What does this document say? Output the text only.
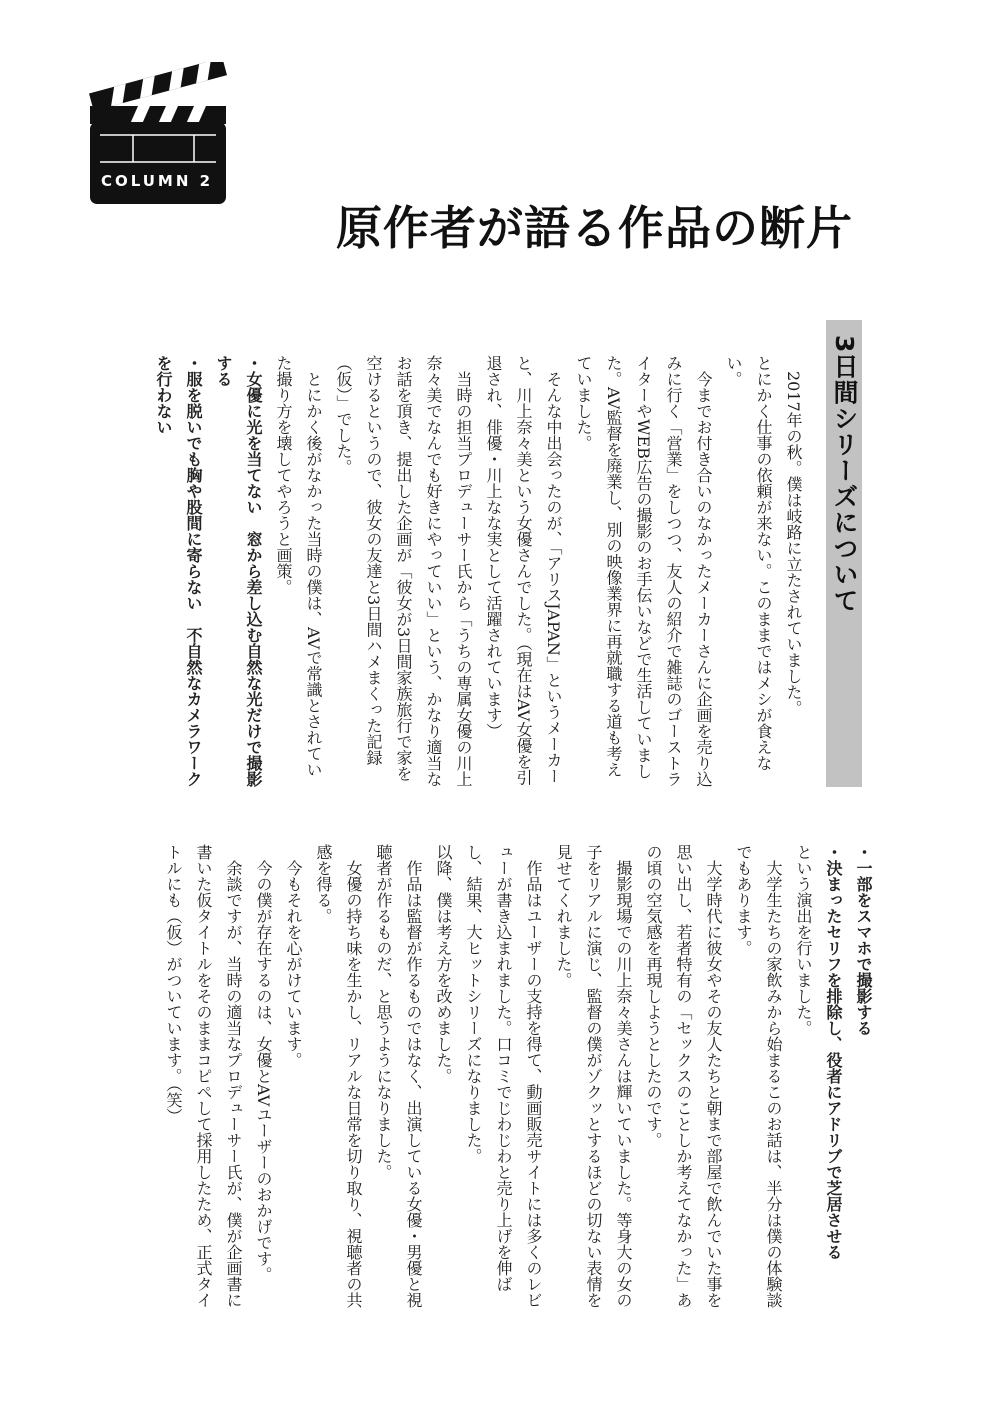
COLUMN 2
原作者が語る作品の断片
3日間シリーズについて

2017年の秋。僕は岐路に立たされていました。

とにかく仕事の依頼が来ない。このままではメシが食えない。

今までお付き合いのなかったメーカーさんに企画を売り込みに行く「営業」をしつつ、友人の紹介で雑誌のゴーストライターやWEB広告の撮影のお手伝いなどで生活していました。AV監督を廃業し、別の映像業界に再就職する道も考えていました。

そんな中出会ったのが、「アリスJAPAN」というメーカーと、川上奈々美という女優さんでした。（現在はAV女優を引退され、俳優・川上なな実として活躍されています）

当時の担当プロデューサー氏から「うちの専属女優の川上奈々美でなんでも好きにやっていい」という、かなり適当なお話を頂き、提出した企画が「彼女が3日間家族旅行で家を空けるというので、彼女の友達と3日間ハメまくった記録（仮）」でした。

とにかく後がなかった当時の僕は、AVで常識とされていた撮り方を壊してやろうと画策。

・女優に光を当てない　窓から差し込む自然な光だけで撮影する

・服を脱いでも胸や股間に寄らない　不自然なカメラワークを行わない

・一部をスマホで撮影する

・決まったセリフを排除し、役者にアドリブで芝居させる

という演出を行いました。

大学生たちの家飲みから始まるこのお話は、半分は僕の体験談でもあります。

大学時代に彼女やその友人たちと朝まで部屋で飲んでいた事を思い出し、若者特有の「セックスのことしか考えてなかった」あの頃の空気感を再現しようとしたのです。

撮影現場での川上奈々美さんは輝いていました。等身大の女の子をリアルに演じ、監督の僕がゾクッとするほどの切ない表情を見せてくれました。

作品はユーザーの支持を得て、動画販売サイトには多くのレビューが書き込まれました。口コミでじわじわと売り上げを伸ばし、結果、大ヒットシリーズになりました。

以降、僕は考え方を改めました。

作品は監督が作るものではなく、出演している女優・男優と視聴者が作るものだ、と思うようになりました。

女優の持ち味を生かし、リアルな日常を切り取り、視聴者の共感を得る。

今もそれを心がけています。

今の僕が存在するのは、女優とAVユーザーのおかげです。

余談ですが、当時の適当なプロデューサー氏が、僕が企画書に書いた仮タイトルをそのままコピペして採用したため、正式タイトルにも（仮）がついています。（笑）
